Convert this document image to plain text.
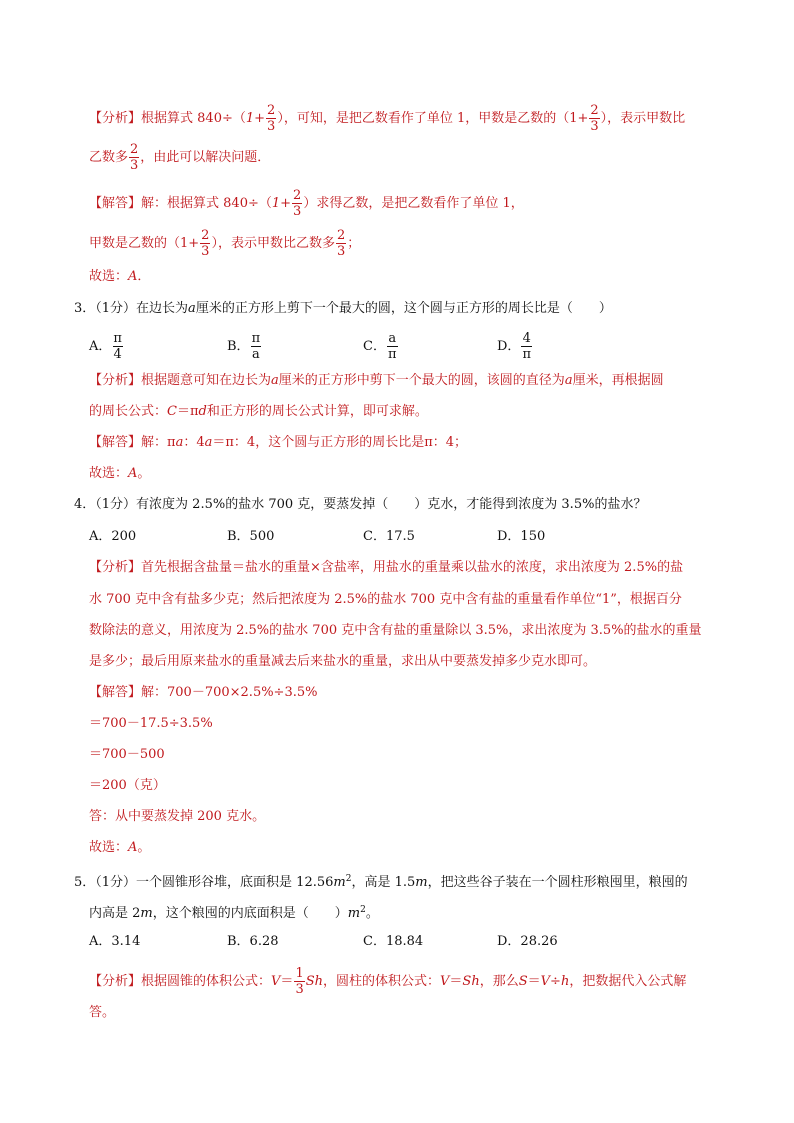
【分析】根据算式 $840\div(1+ \frac{2}{3}$ ），可知，是把乙数看作了单位 1，甲数是乙数的（$1+ \frac{2}{3}$ ），表示甲数比
乙数多 $\frac{2}{3}$ ，由此可以解决问题．
【解答】解：根据算式 $840\div(1+ \frac{2}{3}$ ）求得乙数，是把乙数看作了单位 1，
甲数是乙数的（$1+ \frac{2}{3}$ ），表示甲数比乙数多 $\frac{2}{3}$ ；
故选：A．
3．（1分）在边长为a厘米的正方形上剪下一个最大的圆，这个圆与正方形的周长比是（　　）
A． $\frac{\pi}{4}$	B． $\frac{\pi}{a}$	C． $\frac{a}{\pi}$	D． $\frac{4}{\pi}$
【分析】根据题意可知在边长为a厘米的正方形中剪下一个最大的圆，该圆的直径为a厘米，再根据圆
的周长公式：C＝πd和正方形的周长公式计算，即可求解。
【解答】解：πa：4a＝π：4，这个圆与正方形的周长比是π：4；
故选：A。
4．（1分）有浓度为 2.5%的盐水 700 克，要蒸发掉（　　）克水，才能得到浓度为 3.5%的盐水？
A．200	B．500	C．17.5	D．150
【分析】首先根据含盐量＝盐水的重量×含盐率，用盐水的重量乘以盐水的浓度，求出浓度为 2.5%的盐
水 700 克中含有盐多少克；然后把浓度为 2.5%的盐水 700 克中含有盐的重量看作单位“1”，根据百分
数除法的意义，用浓度为 2.5%的盐水 700 克中含有盐的重量除以 3.5%，求出浓度为 3.5%的盐水的重量
是多少；最后用原来盐水的重量减去后来盐水的重量，求出从中要蒸发掉多少克水即可。
【解答】解：700－700×2.5%÷3.5%
＝700－17.5÷3.5%
＝700－500
＝200（克）
答：从中要蒸发掉 200 克水。
故选：A。
5．（1分）一个圆锥形谷堆，底面积是 $12.56m^2$，高是 1.5m，把这些谷子装在一个圆柱形粮囤里，粮囤的
内高是 2m，这个粮囤的内底面积是（　　）$m^2$。
A．3.14	B．6.28	C．18.84	D．28.26
【分析】根据圆锥的体积公式：$V= \frac{1}{3}$ Sh，圆柱的体积公式：V＝Sh，那么S＝V÷h，把数据代入公式解
答。
